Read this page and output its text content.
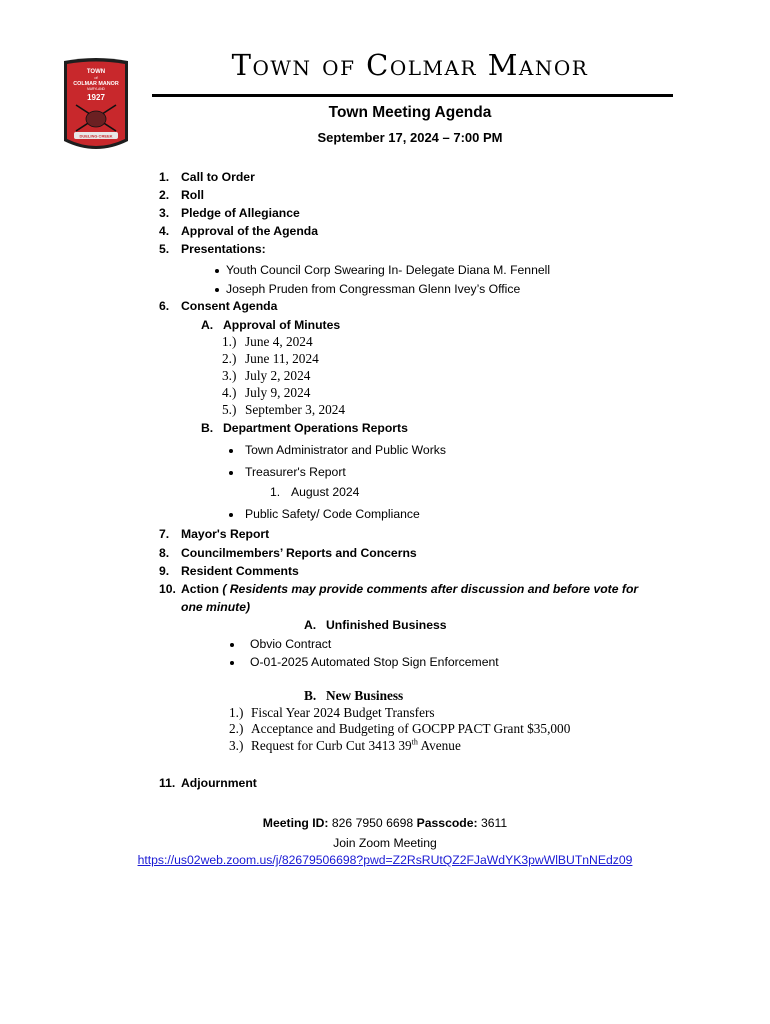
TOWN
of
COLMAR MANOR
MARYLAND
1927
DUELING CREEK
Town of Colmar Manor
Town Meeting Agenda
September 17, 2024 – 7:00 PM
1. Call to Order
2. Roll
3. Pledge of Allegiance
4. Approval of the Agenda
5. Presentations:
Youth Council Corp Swearing In- Delegate Diana M. Fennell
Joseph Pruden from Congressman Glenn Ivey’s Office
6. Consent Agenda
A. Approval of Minutes
1.) June 4, 2024
2.) June 11, 2024
3.) July 2, 2024
4.) July 9, 2024
5.) September 3, 2024
B. Department Operations Reports
Town Administrator and Public Works
Treasurer's Report
1. August 2024
Public Safety/ Code Compliance
7. Mayor's Report
8. Councilmembers’ Reports and Concerns
9. Resident Comments
10. Action ( Residents may provide comments after discussion and before vote for
one minute)
A. Unfinished Business
Obvio Contract
O-01-2025 Automated Stop Sign Enforcement
B. New Business
1.) Fiscal Year 2024 Budget Transfers
2.) Acceptance and Budgeting of GOCPP PACT Grant $35,000
3.) Request for Curb Cut 3413 39th Avenue
11. Adjournment
Meeting ID: 826 7950 6698 Passcode: 3611
Join Zoom Meeting
https://us02web.zoom.us/j/82679506698?pwd=Z2RsRUtQZ2FJaWdYK3pwWlBUTnNEdz09
